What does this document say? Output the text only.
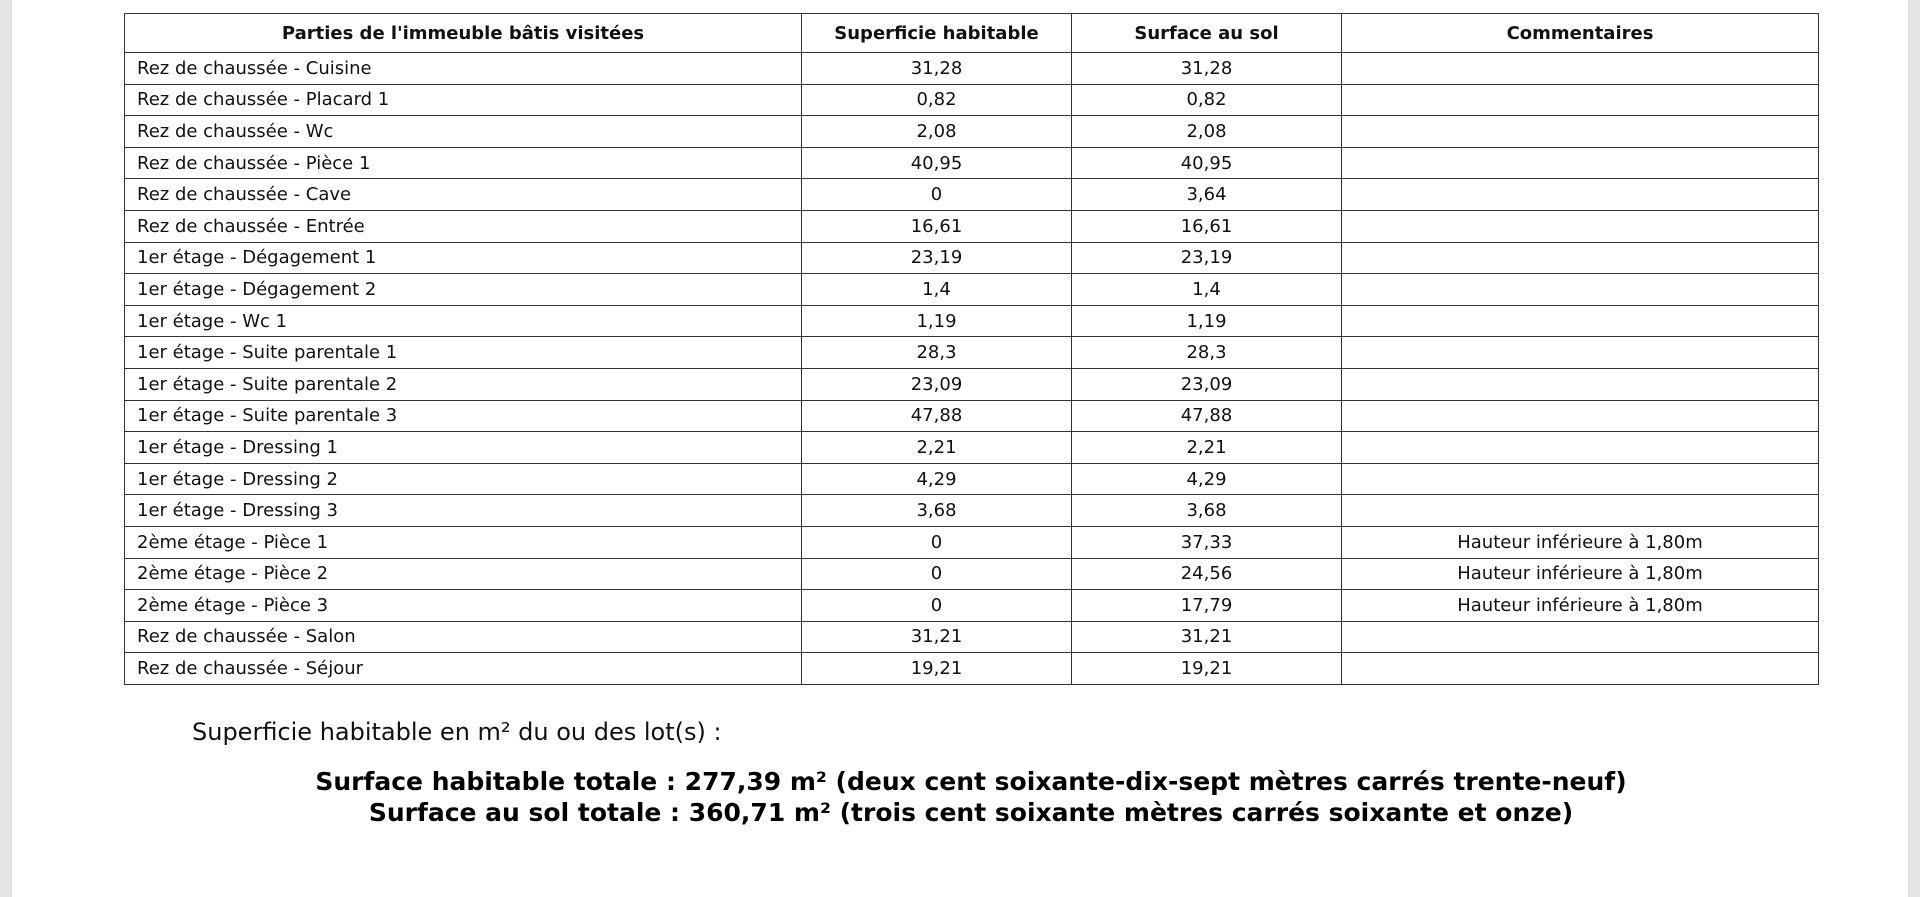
Parties de l'immeuble bâtis visitées	Superficie habitable	Surface au sol	Commentaires
Rez de chaussée - Cuisine	31,28	31,28	
Rez de chaussée - Placard 1	0,82	0,82	
Rez de chaussée - Wc	2,08	2,08	
Rez de chaussée - Pièce 1	40,95	40,95	
Rez de chaussée - Cave	0	3,64	
Rez de chaussée - Entrée	16,61	16,61	
1er étage - Dégagement 1	23,19	23,19	
1er étage - Dégagement 2	1,4	1,4	
1er étage - Wc 1	1,19	1,19	
1er étage - Suite parentale 1	28,3	28,3	
1er étage - Suite parentale 2	23,09	23,09	
1er étage - Suite parentale 3	47,88	47,88	
1er étage - Dressing 1	2,21	2,21	
1er étage - Dressing 2	4,29	4,29	
1er étage - Dressing 3	3,68	3,68	
2ème étage - Pièce 1	0	37,33	Hauteur inférieure à 1,80m
2ème étage - Pièce 2	0	24,56	Hauteur inférieure à 1,80m
2ème étage - Pièce 3	0	17,79	Hauteur inférieure à 1,80m
Rez de chaussée - Salon	31,21	31,21	
Rez de chaussée - Séjour	19,21	19,21	
Superficie habitable en m² du ou des lot(s) :
Surface habitable totale : 277,39 m² (deux cent soixante-dix-sept mètres carrés trente-neuf)
Surface au sol totale : 360,71 m² (trois cent soixante mètres carrés soixante et onze)
